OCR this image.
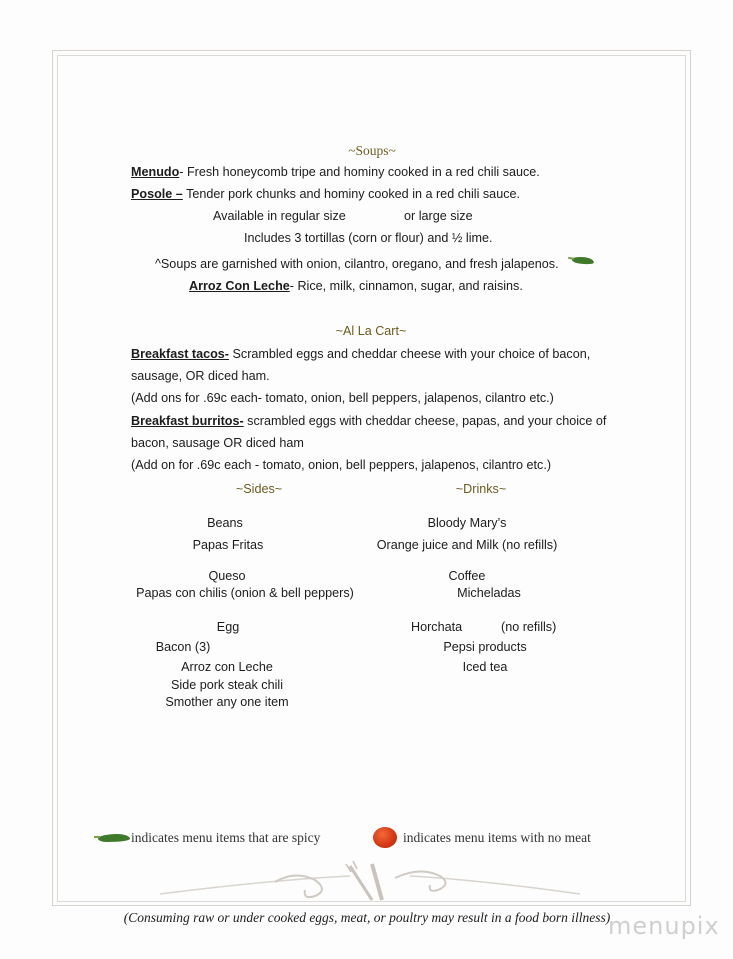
~Soups~
Menudo- Fresh honeycomb tripe and hominy cooked in a red chili sauce.
Posole – Tender pork chunks and hominy cooked in a red chili sauce.
Available in regular size	or large size
Includes 3 tortillas (corn or flour) and ½ lime.
^Soups are garnished with onion, cilantro, oregano, and fresh jalapenos.
Arroz Con Leche- Rice, milk, cinnamon, sugar, and raisins.
~Al La Cart~
Breakfast tacos- Scrambled eggs and cheddar cheese with your choice of bacon,
sausage, OR diced ham.
(Add ons for .69c each- tomato, onion, bell peppers, jalapenos, cilantro etc.)
Breakfast burritos- scrambled eggs with cheddar cheese, papas, and your choice of
bacon, sausage OR diced ham
(Add on for .69c each - tomato, onion, bell peppers, jalapenos, cilantro etc.)
~Sides~
Beans
Papas Fritas
Queso
Papas con chilis (onion & bell peppers)
Egg
Bacon (3)
Arroz con Leche
Side pork steak chili
Smother any one item
~Drinks~
Bloody Mary’s
Orange juice and Milk (no refills)
Coffee
Micheladas
Horchata	(no refills)
Pepsi products
Iced tea
indicates menu items that are spicy	indicates menu items with no meat
(Consuming raw or under cooked eggs, meat, or poultry may result in a food born illness)
menupix
